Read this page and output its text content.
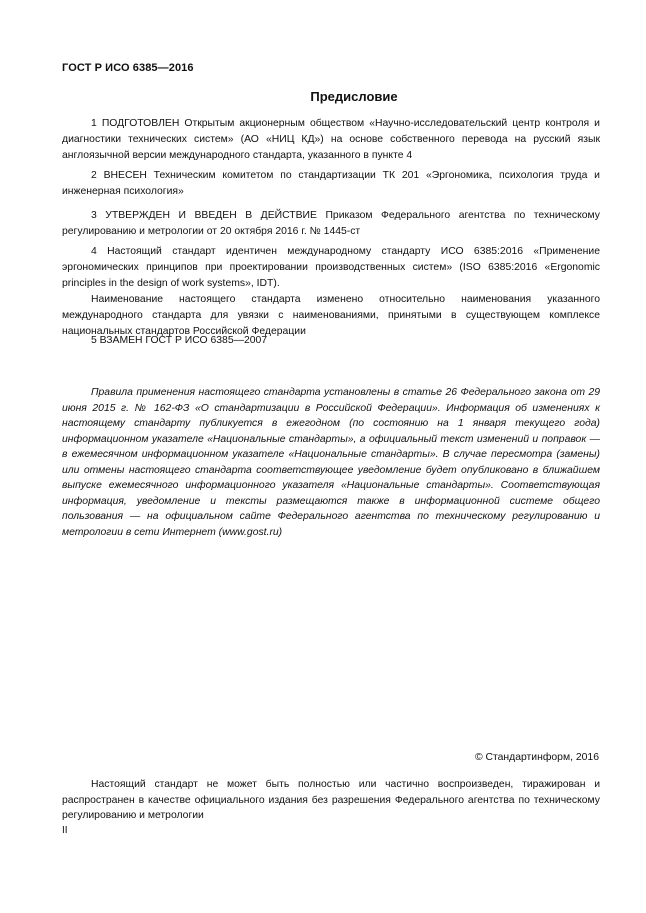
ГОСТ Р ИСО 6385—2016
Предисловие

1 ПОДГОТОВЛЕН Открытым акционерным обществом «Научно-исследовательский центр контроля и диагностики технических систем» (АО «НИЦ КД») на основе собственного перевода на русский язык англоязычной версии международного стандарта, указанного в пункте 4

2 ВНЕСЕН Техническим комитетом по стандартизации ТК 201 «Эргономика, психология труда и инженерная психология»

3 УТВЕРЖДЕН И ВВЕДЕН В ДЕЙСТВИЕ Приказом Федерального агентства по техническому регулированию и метрологии от 20 октября 2016 г. № 1445-ст

4 Настоящий стандарт идентичен международному стандарту ИСО 6385:2016 «Применение эргономических принципов при проектировании производственных систем» (ISO 6385:2016 «Ergonomic principles in the design of work systems», IDT).

Наименование настоящего стандарта изменено относительно наименования указанного международного стандарта для увязки с наименованиями, принятыми в существующем комплексе национальных стандартов Российской Федерации

5 ВЗАМЕН ГОСТ Р ИСО 6385—2007

Правила применения настоящего стандарта установлены в статье 26 Федерального закона от 29 июня 2015 г. № 162-ФЗ «О стандартизации в Российской Федерации». Информация об изменениях к настоящему стандарту публикуется в ежегодном (по состоянию на 1 января текущего года) информационном указателе «Национальные стандарты», а официальный текст изменений и поправок — в ежемесячном информационном указателе «Национальные стандарты». В случае пересмотра (замены) или отмены настоящего стандарта соответствующее уведомление будет опубликовано в ближайшем выпуске ежемесячного информационного указателя «Национальные стандарты». Соответствующая информация, уведомление и тексты размещаются также в информационной системе общего пользования — на официальном сайте Федерального агентства по техническому регулированию и метрологии в сети Интернет (www.gost.ru)

© Стандартинформ, 2016

Настоящий стандарт не может быть полностью или частично воспроизведен, тиражирован и распространен в качестве официального издания без разрешения Федерального агентства по техническому регулированию и метрологии

II
